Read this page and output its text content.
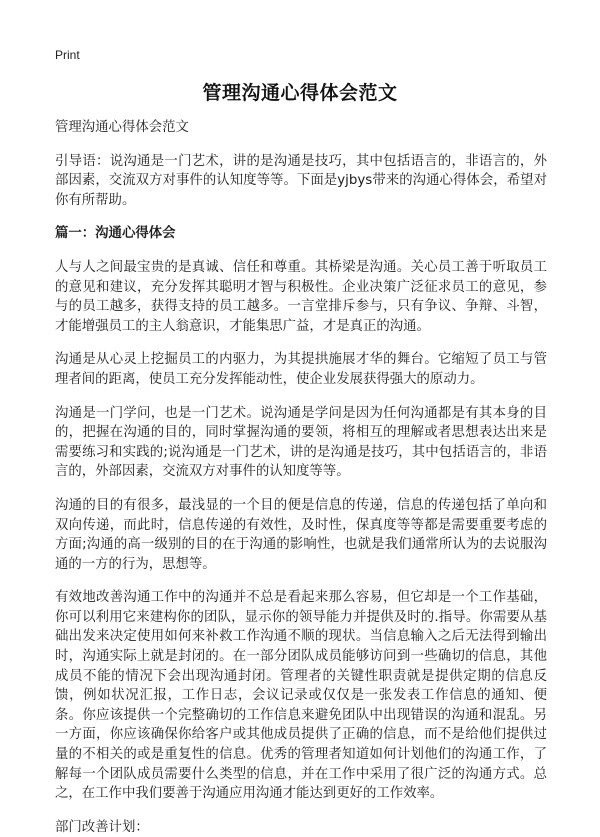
Print
管理沟通心得体会范文

管理沟通心得体会范文

引导语：说沟通是一门艺术，讲的是沟通是技巧，其中包括语言的，非语言的，外部因素，交流双方对事件的认知度等等。下面是yjbys带来的沟通心得体会，希望对你有所帮助。

篇一：沟通心得体会

人与人之间最宝贵的是真诚、信任和尊重。其桥梁是沟通。关心员工善于听取员工的意见和建议，充分发挥其聪明才智与积极性。企业决策广泛征求员工的意见，参与的员工越多，获得支持的员工越多。一言堂排斥参与，只有争议、争辩、斗智，才能增强员工的主人翁意识，才能集思广益，才是真正的沟通。

沟通是从心灵上挖掘员工的内驱力，为其提拱施展才华的舞台。它缩短了员工与管理者间的距离，使员工充分发挥能动性，使企业发展获得强大的原动力。

沟通是一门学问，也是一门艺术。说沟通是学问是因为任何沟通都是有其本身的目的，把握在沟通的目的，同时掌握沟通的要领，将相互的理解或者思想表达出来是需要练习和实践的;说沟通是一门艺术，讲的是沟通是技巧，其中包括语言的，非语言的，外部因素，交流双方对事件的认知度等等。

沟通的目的有很多，最浅显的一个目的便是信息的传递，信息的传递包括了单向和双向传递，而此时，信息传递的有效性，及时性，保真度等等都是需要重要考虑的方面;沟通的高一级别的目的在于沟通的影响性，也就是我们通常所认为的去说服沟通的一方的行为，思想等。

有效地改善沟通工作中的沟通并不总是看起来那么容易，但它却是一个工作基础，你可以利用它来建构你的团队，显示你的领导能力并提供及时的.指导。你需要从基础出发来决定使用如何来补救工作沟通不顺的现状。当信息输入之后无法得到输出时，沟通实际上就是封闭的。在一部分团队成员能够访问到一些确切的信息，其他成员不能的情况下会出现沟通封闭。管理者的关键性职责就是提供定期的信息反馈，例如状况汇报，工作日志，会议记录或仅仅是一张发表工作信息的通知、便条。你应该提供一个完整确切的工作信息来避免团队中出现错误的沟通和混乱。另一方面，你应该确保你给客户或其他成员提供了正确的信息，而不是给他们提供过量的不相关的或是重复性的信息。优秀的管理者知道如何计划他们的沟通工作，了解每一个团队成员需要什么类型的信息，并在工作中采用了很广泛的沟通方式。总之，在工作中我们要善于沟通应用沟通才能达到更好的工作效率。

部门改善计划：
